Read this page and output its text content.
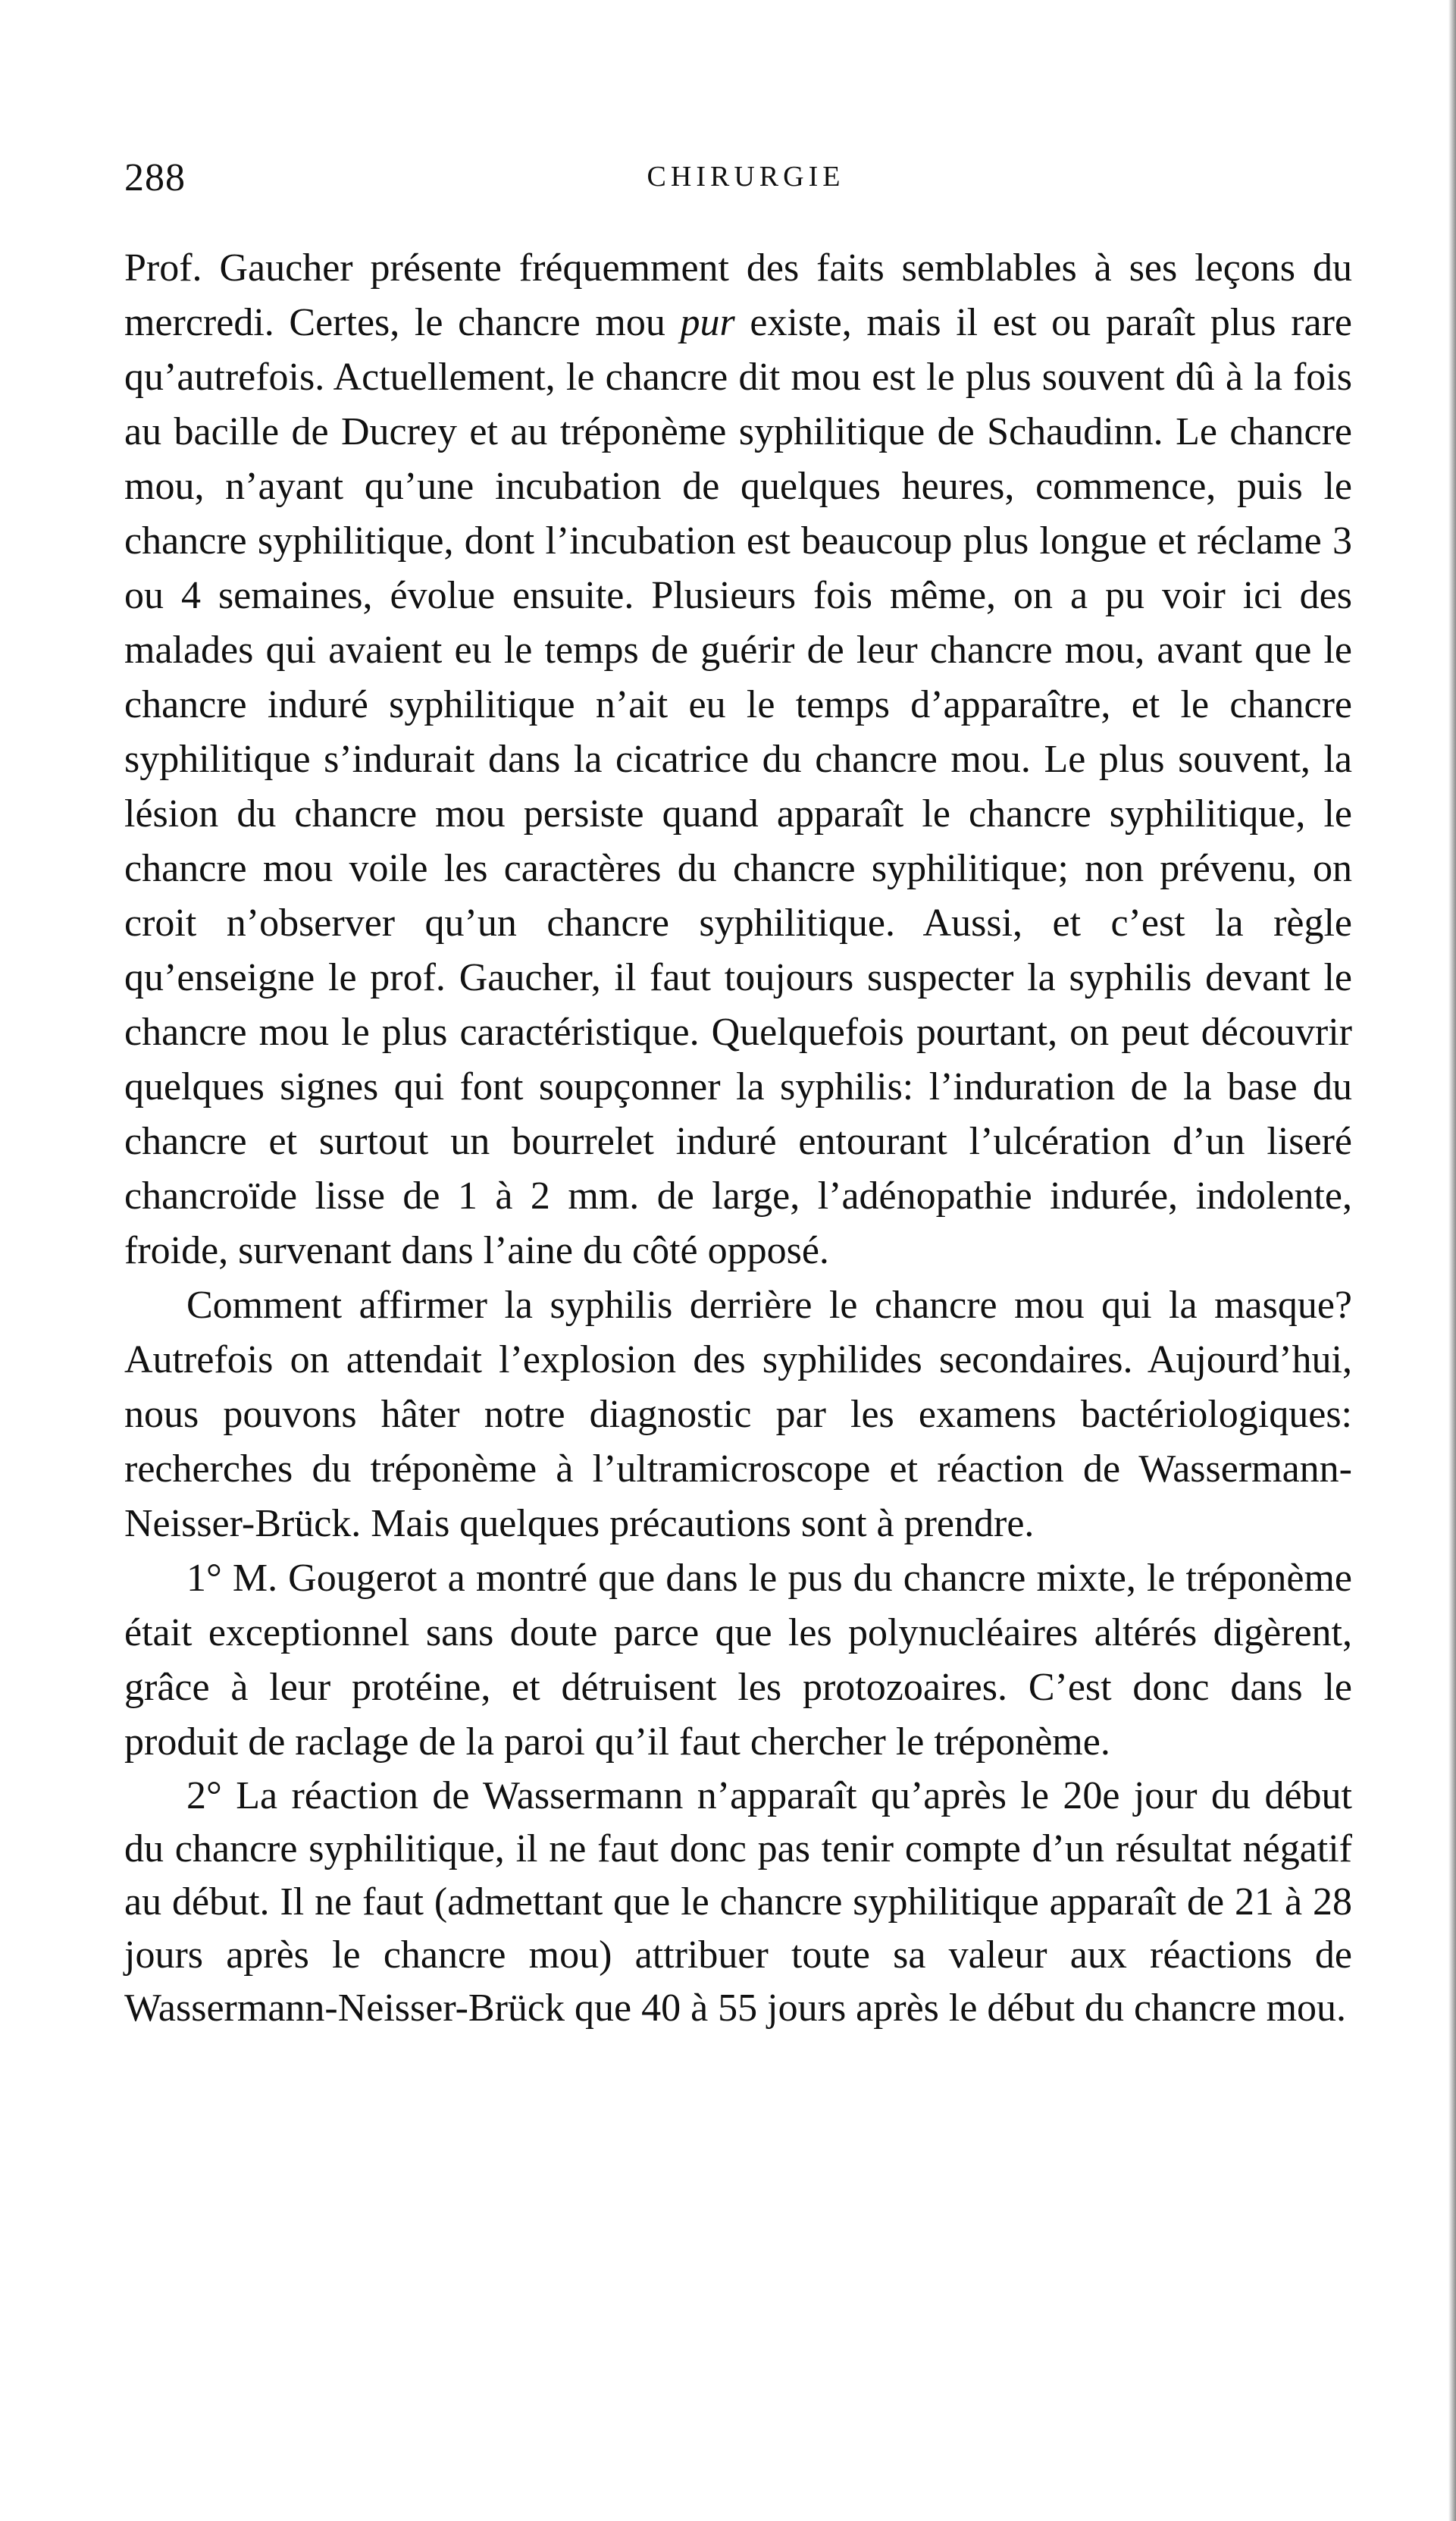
288	CHIRURGIE

Prof. Gaucher présente fréquemment des faits semblables à ses leçons du mercredi. Certes, le chancre mou pur existe, mais il est ou paraît plus rare qu’autrefois. Actuellement, le chancre dit mou est le plus souvent dû à la fois au bacille de Ducrey et au tréponème syphilitique de Schaudinn. Le chancre mou, n’ayant qu’une incubation de quelques heures, commence, puis le chancre syphilitique, dont l’incubation est beaucoup plus longue et réclame 3 ou 4 semaines, évolue ensuite. Plusieurs fois même, on a pu voir ici des malades qui avaient eu le temps de guérir de leur chancre mou, avant que le chancre induré syphilitique n’ait eu le temps d’apparaître, et le chancre syphilitique s’indurait dans la cicatrice du chancre mou. Le plus souvent, la lésion du chancre mou persiste quand apparaît le chancre syphilitique, le chancre mou voile les caractères du chancre syphilitique; non prévenu, on croit n’observer qu’un chancre syphilitique. Aussi, et c’est la règle qu’enseigne le prof. Gaucher, il faut toujours suspecter la syphilis devant le chancre mou le plus caractéristique. Quelquefois pourtant, on peut découvrir quelques signes qui font soupçonner la syphilis: l’induration de la base du chancre et surtout un bourrelet induré entourant l’ulcération d’un liseré chancroïde lisse de 1 à 2 mm. de large, l’adénopathie indurée, indolente, froide, survenant dans l’aine du côté opposé.

Comment affirmer la syphilis derrière le chancre mou qui la masque? Autrefois on attendait l’explosion des syphilides secondaires. Aujourd’hui, nous pouvons hâter notre diagnostic par les examens bactériologiques: recherches du tréponème à l’ultramicroscope et réaction de Wassermann-Neisser-Brück. Mais quelques précautions sont à prendre.

1° M. Gougerot a montré que dans le pus du chancre mixte, le tréponème était exceptionnel sans doute parce que les polynucléaires altérés digèrent, grâce à leur protéine, et détruisent les protozoaires. C’est donc dans le produit de raclage de la paroi qu’il faut chercher le tréponème.

2° La réaction de Wassermann n’apparaît qu’après le 20e jour du début du chancre syphilitique, il ne faut donc pas tenir compte d’un résultat négatif au début. Il ne faut (admettant que le chancre syphilitique apparaît de 21 à 28 jours après le chancre mou) attribuer toute sa valeur aux réactions de Wassermann-Neisser-Brück que 40 à 55 jours après le début du chancre mou.
